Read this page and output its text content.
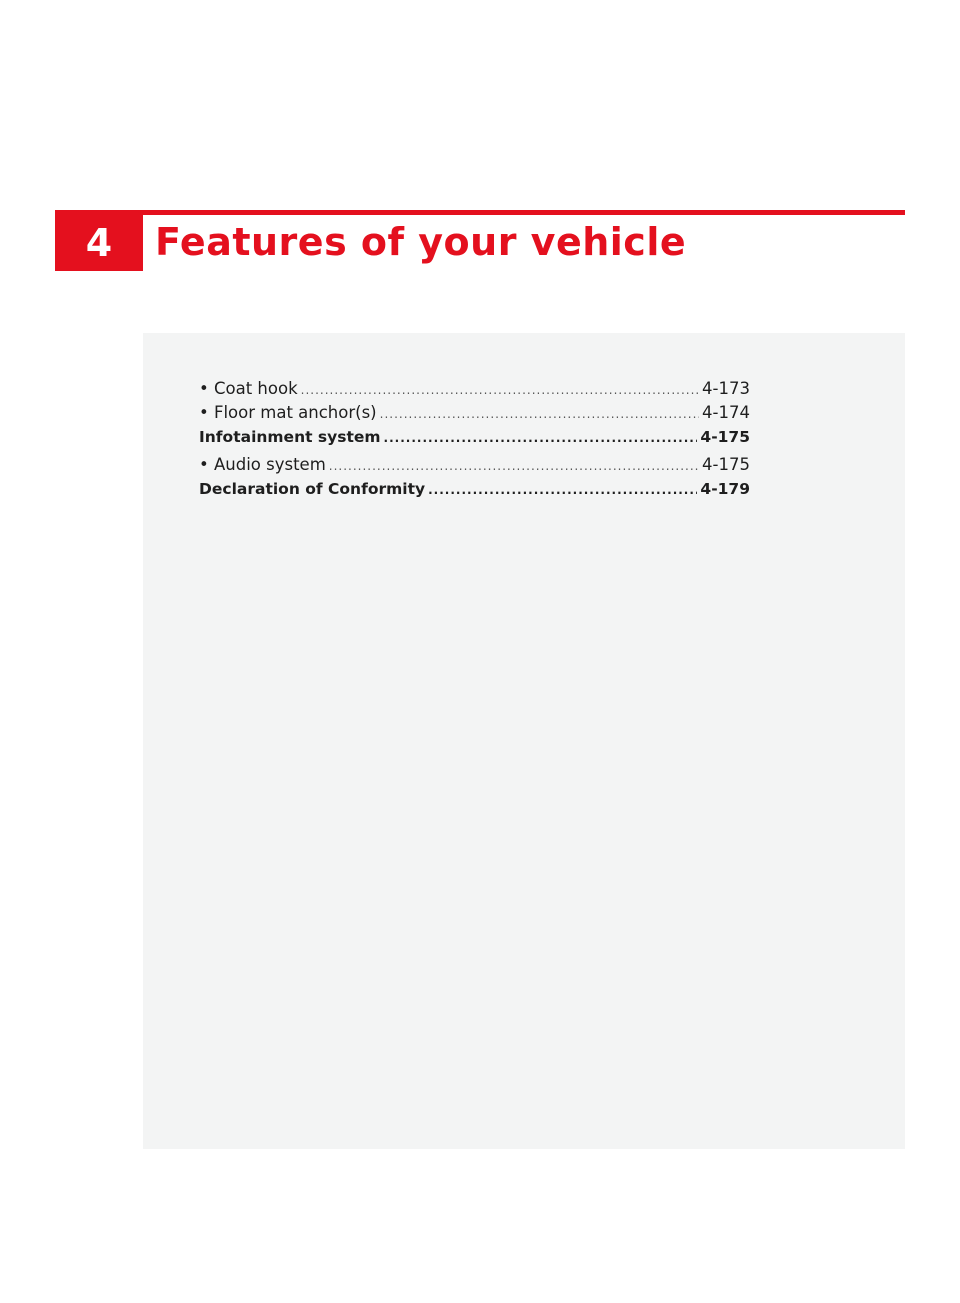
4 Features of your vehicle
• Coat hook .....	4-173
• Floor mat anchor(s) .....	4-174
Infotainment system .....	4-175
• Audio system .....	4-175
Declaration of Conformity .....	4-179
